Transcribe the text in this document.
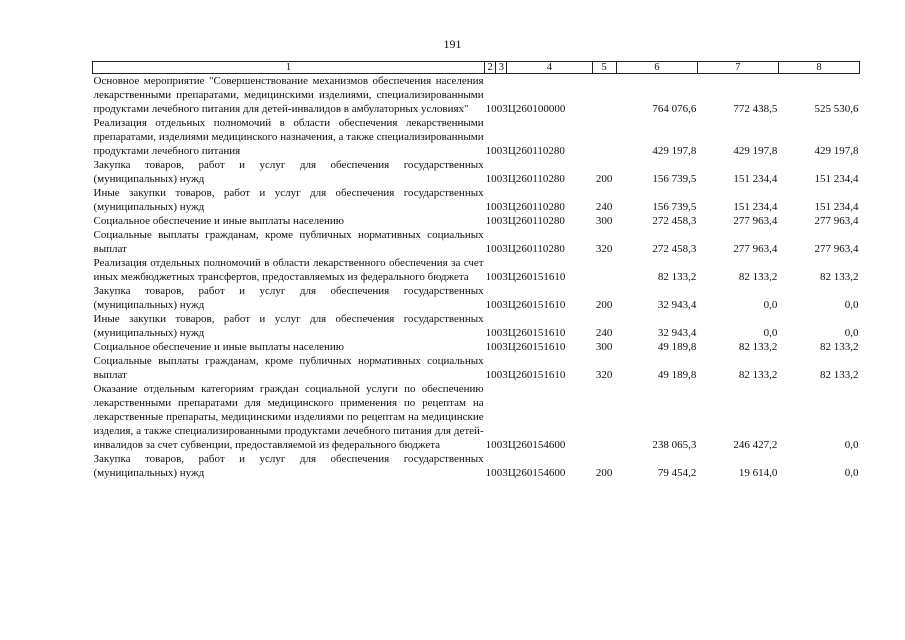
191
1	2	3	4	5	6	7	8
Основное мероприятие "Совершенствование механизмов обеспечения населения лекарственными препаратами, медицинскими изделиями, специализированными продуктами лечебного питания для детей-инвалидов в амбулаторных условиях"	10	03	Ц260100000		764 076,6	772 438,5	525 530,6
Реализация отдельных полномочий в области обеспечения лекарственными препаратами, изделиями медицинского назначения, а также специализированными продуктами лечебного питания	10	03	Ц260110280		429 197,8	429 197,8	429 197,8
Закупка товаров, работ и услуг для обеспечения государственных (муниципальных) нужд	10	03	Ц260110280	200	156 739,5	151 234,4	151 234,4
Иные закупки товаров, работ и услуг для обеспечения государственных (муниципальных) нужд	10	03	Ц260110280	240	156 739,5	151 234,4	151 234,4
Социальное обеспечение и иные выплаты населению	10	03	Ц260110280	300	272 458,3	277 963,4	277 963,4
Социальные выплаты гражданам, кроме публичных нормативных социальных выплат	10	03	Ц260110280	320	272 458,3	277 963,4	277 963,4
Реализация отдельных полномочий в области лекарственного обеспечения за счет иных межбюджетных трансфертов, предоставляемых из федерального бюджета	10	03	Ц260151610		82 133,2	82 133,2	82 133,2
Закупка товаров, работ и услуг для обеспечения государственных (муниципальных) нужд	10	03	Ц260151610	200	32 943,4	0,0	0,0
Иные закупки товаров, работ и услуг для обеспечения государственных (муниципальных) нужд	10	03	Ц260151610	240	32 943,4	0,0	0,0
Социальное обеспечение и иные выплаты населению	10	03	Ц260151610	300	49 189,8	82 133,2	82 133,2
Социальные выплаты гражданам, кроме публичных нормативных социальных выплат	10	03	Ц260151610	320	49 189,8	82 133,2	82 133,2
Оказание отдельным категориям граждан социальной услуги по обеспечению лекарственными препаратами для медицинского применения по рецептам на лекарственные препараты, медицинскими изделиями по рецептам на медицинские изделия, а также специализированными продуктами лечебного питания для детей-инвалидов за счет субвенции, предоставляемой из федерального бюджета	10	03	Ц260154600		238 065,3	246 427,2	0,0
Закупка товаров, работ и услуг для обеспечения государственных (муниципальных) нужд	10	03	Ц260154600	200	79 454,2	19 614,0	0,0
